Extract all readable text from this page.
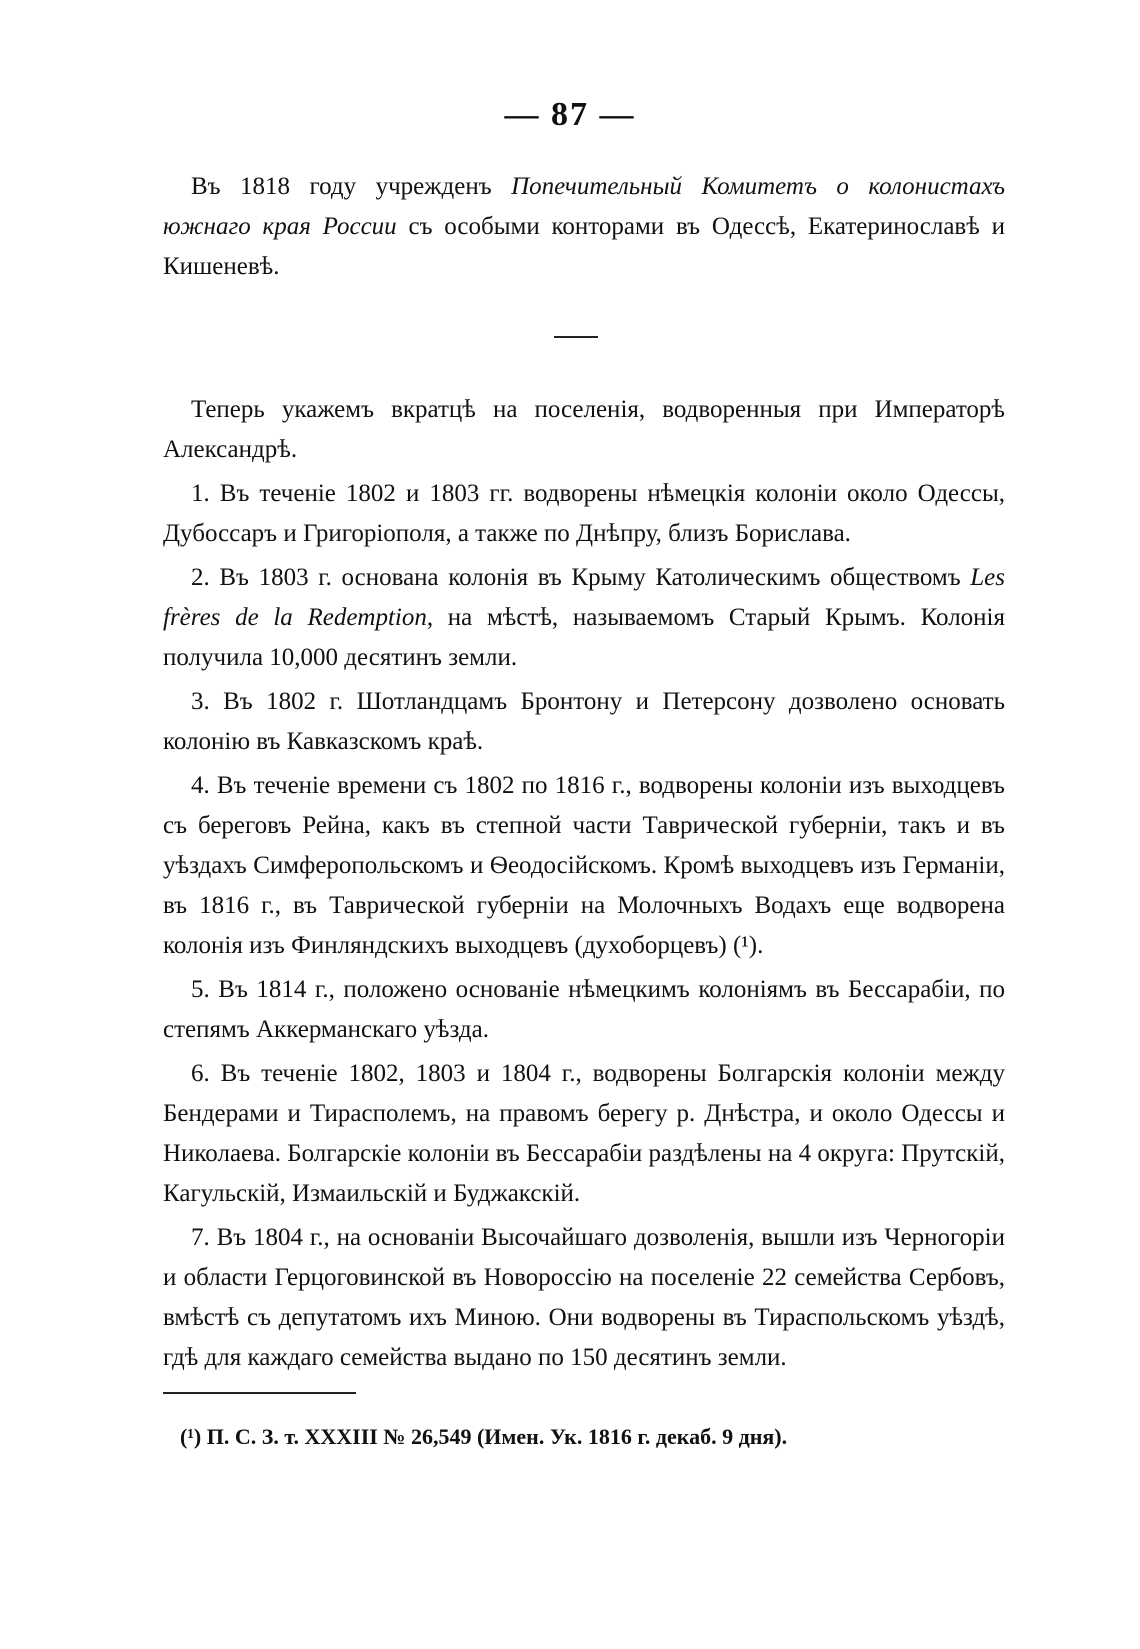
— 87 —

Въ 1818 году учрежденъ Попечительный Комитетъ о колонистахъ южнаго края России съ особыми конторами въ Одессѣ, Екатеринославѣ и Кишеневѣ.

Теперь укажемъ вкратцѣ на поселенія, водворенныя при Императорѣ Александрѣ.

1. Въ теченіе 1802 и 1803 гг. водворены нѣмецкія колоніи около Одессы, Дубоссаръ и Григоріополя, а также по Днѣпру, близъ Борислава.

2. Въ 1803 г. основана колонія въ Крыму Католическимъ обществомъ Les frères de la Redemption, на мѣстѣ, называемомъ Старый Крымъ. Колонія получила 10,000 десятинъ земли.

3. Въ 1802 г. Шотландцамъ Бронтону и Петерсону дозволено основать колонію въ Кавказскомъ краѣ.

4. Въ теченіе времени съ 1802 по 1816 г., водворены колоніи изъ выходцевъ съ береговъ Рейна, какъ въ степной части Таврической губерніи, такъ и въ уѣздахъ Симферопольскомъ и Ѳеодосійскомъ. Кромѣ выходцевъ изъ Германіи, въ 1816 г., въ Таврической губерніи на Молочныхъ Водахъ еще водворена колонія изъ Финляндскихъ выходцевъ (духоборцевъ) (¹).

5. Въ 1814 г., положено основаніе нѣмецкимъ колоніямъ въ Бессарабіи, по степямъ Аккерманскаго уѣзда.

6. Въ теченіе 1802, 1803 и 1804 г., водворены Болгарскія колоніи между Бендерами и Тирасполемъ, на правомъ берегу р. Днѣстра, и около Одессы и Николаева. Болгарскіе колоніи въ Бессарабіи раздѣлены на 4 округа: Прутскій, Кагульскій, Измаильскій и Буджакскій.

7. Въ 1804 г., на основаніи Высочайшаго дозволенія, вышли изъ Черногоріи и области Герцоговинской въ Новороссію на поселеніе 22 семейства Сербовъ, вмѣстѣ съ депутатомъ ихъ Миною. Они водворены въ Тираспольскомъ уѣздѣ, гдѣ для каждаго семейства выдано по 150 десятинъ земли.

(¹) П. С. З. т. XXXIII № 26,549 (Имен. Ук. 1816 г. декаб. 9 дня).
